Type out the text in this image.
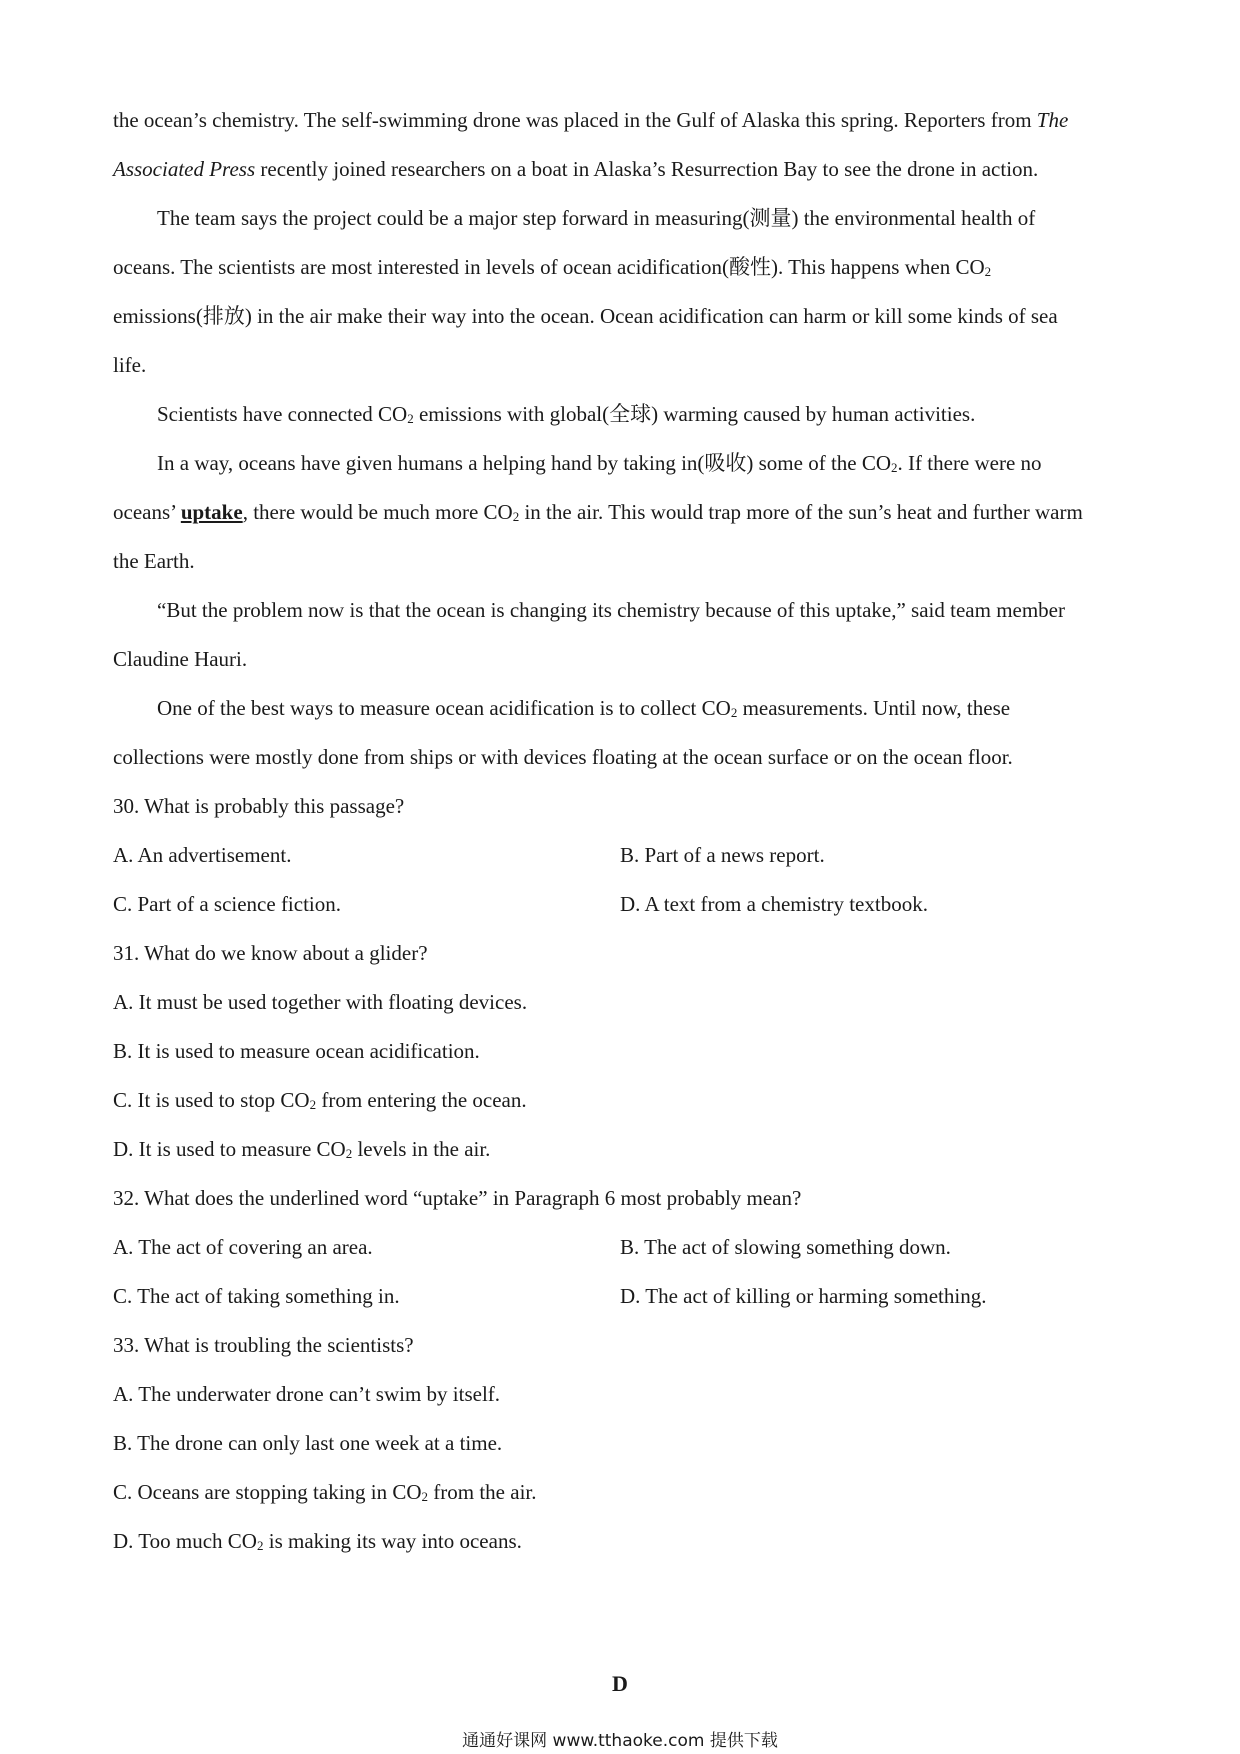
the ocean’s chemistry. The self-swimming drone was placed in the Gulf of Alaska this spring. Reporters from The
Associated Press recently joined researchers on a boat in Alaska’s Resurrection Bay to see the drone in action.
The team says the project could be a major step forward in measuring(测量) the environmental health of
oceans. The scientists are most interested in levels of ocean acidification(酸性). This happens when $CO_2$
emissions(排放) in the air make their way into the ocean. Ocean acidification can harm or kill some kinds of sea
life.
Scientists have connected $CO_2$ emissions with global(全球) warming caused by human activities.
In a way, oceans have given humans a helping hand by taking in(吸收) some of the $CO_2$. If there were no
oceans’ uptake, there would be much more $CO_2$ in the air. This would trap more of the sun’s heat and further warm
the Earth.
“But the problem now is that the ocean is changing its chemistry because of this uptake,” said team member
Claudine Hauri.
One of the best ways to measure ocean acidification is to collect $CO_2$ measurements. Until now, these
collections were mostly done from ships or with devices floating at the ocean surface or on the ocean floor.
30. What is probably this passage?
A. An advertisement.	B. Part of a news report.
C. Part of a science fiction.	D. A text from a chemistry textbook.
31. What do we know about a glider?
A. It must be used together with floating devices.
B. It is used to measure ocean acidification.
C. It is used to stop $CO_2$ from entering the ocean.
D. It is used to measure $CO_2$ levels in the air.
32. What does the underlined word “uptake” in Paragraph 6 most probably mean?
A. The act of covering an area.	B. The act of slowing something down.
C. The act of taking something in.	D. The act of killing or harming something.
33. What is troubling the scientists?
A. The underwater drone can’t swim by itself.
B. The drone can only last one week at a time.
C. Oceans are stopping taking in $CO_2$ from the air.
D. Too much $CO_2$ is making its way into oceans.
D
通通好课网 www.tthaoke.com 提供下载
